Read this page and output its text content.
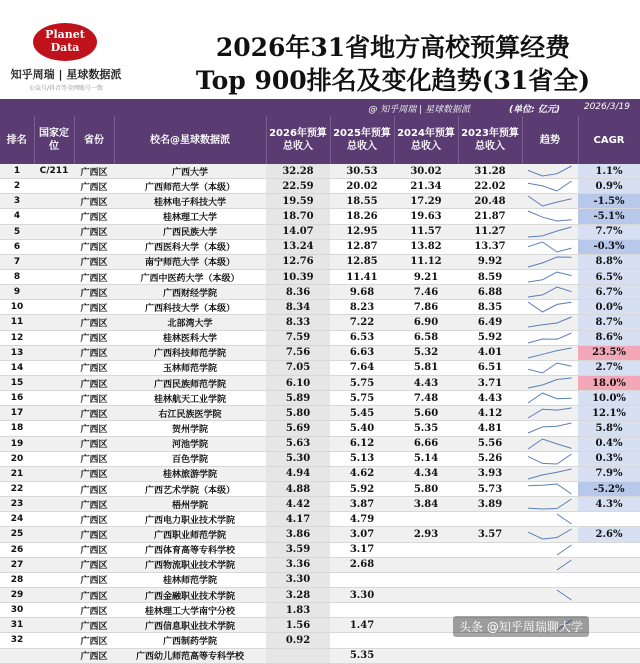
Planet
Data
知乎周瑞 | 星球数据派
公众号/抖音等全网账号一致
2026年31省地方高校预算经费
Top 900排名及变化趋势(31省全)
@ 知乎周瑞 | 星球数据派	(单位: 亿元)	2026/3/19
排名	国家定位	省份	校名@星球数据派	2026年预算总收入	2025年预算总收入	2024年预算总收入	2023年预算总收入	趋势	CAGR
1	C/211	广西区	广西大学	32.28	30.53	30.02	31.28		1.1%
2		广西区	广西师范大学（本级）	22.59	20.02	21.34	22.02		0.9%
3		广西区	桂林电子科技大学	19.59	18.55	17.29	20.48		-1.5%
4		广西区	桂林理工大学	18.70	18.26	19.63	21.87		-5.1%
5		广西区	广西民族大学	14.07	12.95	11.57	11.27		7.7%
6		广西区	广西医科大学（本级）	13.24	12.87	13.82	13.37		-0.3%
7		广西区	南宁师范大学（本级）	12.76	12.85	11.12	9.92		8.8%
8		广西区	广西中医药大学（本级）	10.39	11.41	9.21	8.59		6.5%
9		广西区	广西财经学院	8.36	9.68	7.46	6.88		6.7%
10		广西区	广西科技大学（本级）	8.34	8.23	7.86	8.35		0.0%
11		广西区	北部湾大学	8.33	7.22	6.90	6.49		8.7%
12		广西区	桂林医科大学	7.59	6.53	6.58	5.92		8.6%
13		广西区	广西科技师范学院	7.56	6.63	5.32	4.01		23.5%
14		广西区	玉林师范学院	7.05	7.64	5.81	6.51		2.7%
15		广西区	广西民族师范学院	6.10	5.75	4.43	3.71		18.0%
16		广西区	桂林航天工业学院	5.89	5.75	7.48	4.43		10.0%
17		广西区	右江民族医学院	5.80	5.45	5.60	4.12		12.1%
18		广西区	贺州学院	5.69	5.40	5.35	4.81		5.8%
19		广西区	河池学院	5.63	6.12	6.66	5.56		0.4%
20		广西区	百色学院	5.30	5.13	5.14	5.26		0.3%
21		广西区	桂林旅游学院	4.94	4.62	4.34	3.93		7.9%
22		广西区	广西艺术学院（本级）	4.88	5.92	5.80	5.73		-5.2%
23		广西区	梧州学院	4.42	3.87	3.84	3.89		4.3%
24		广西区	广西电力职业技术学院	4.17	4.79			

25		广西区	广西职业师范学院	3.86	3.07	2.93	3.57		2.6%
26		广西区	广西体育高等专科学校	3.59	3.17			

27		广西区	广西物流职业技术学院	3.36	2.68			

28		广西区	桂林师范学院	3.30					
29		广西区	广西金融职业技术学院	3.28	3.30			

30		广西区	桂林理工大学南宁分校	1.83					
31		广西区	广西信息职业技术学院	1.56	1.47			

32		广西区	广西制药学院	0.92					
		广西区	广西幼儿师范高等专科学校		5.35				
头条 @知乎周瑞聊大学
